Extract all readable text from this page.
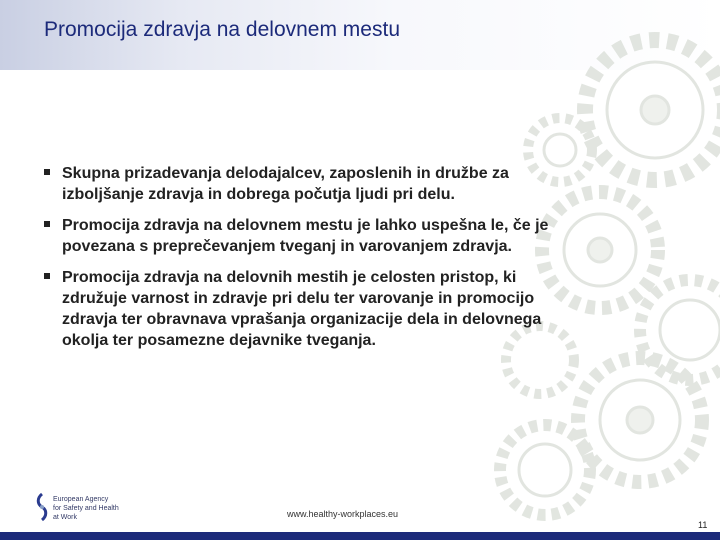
Promocija zdravja na delovnem mestu
Skupna prizadevanja delodajalcev, zaposlenih in družbe za izboljšanje zdravja in dobrega počutja ljudi pri delu.
Promocija zdravja na delovnem mestu je lahko uspešna le, če je povezana s preprečevanjem tveganj in varovanjem zdravja.
Promocija zdravja na delovnih mestih je celosten pristop, ki združuje varnost in zdravje pri delu ter varovanje in promocijo zdravja ter obravnava vprašanja organizacije dela in delovnega okolja ter posamezne dejavnike tveganja.
European Agency
for Safety and Health
at Work	www.healthy-workplaces.eu
11
